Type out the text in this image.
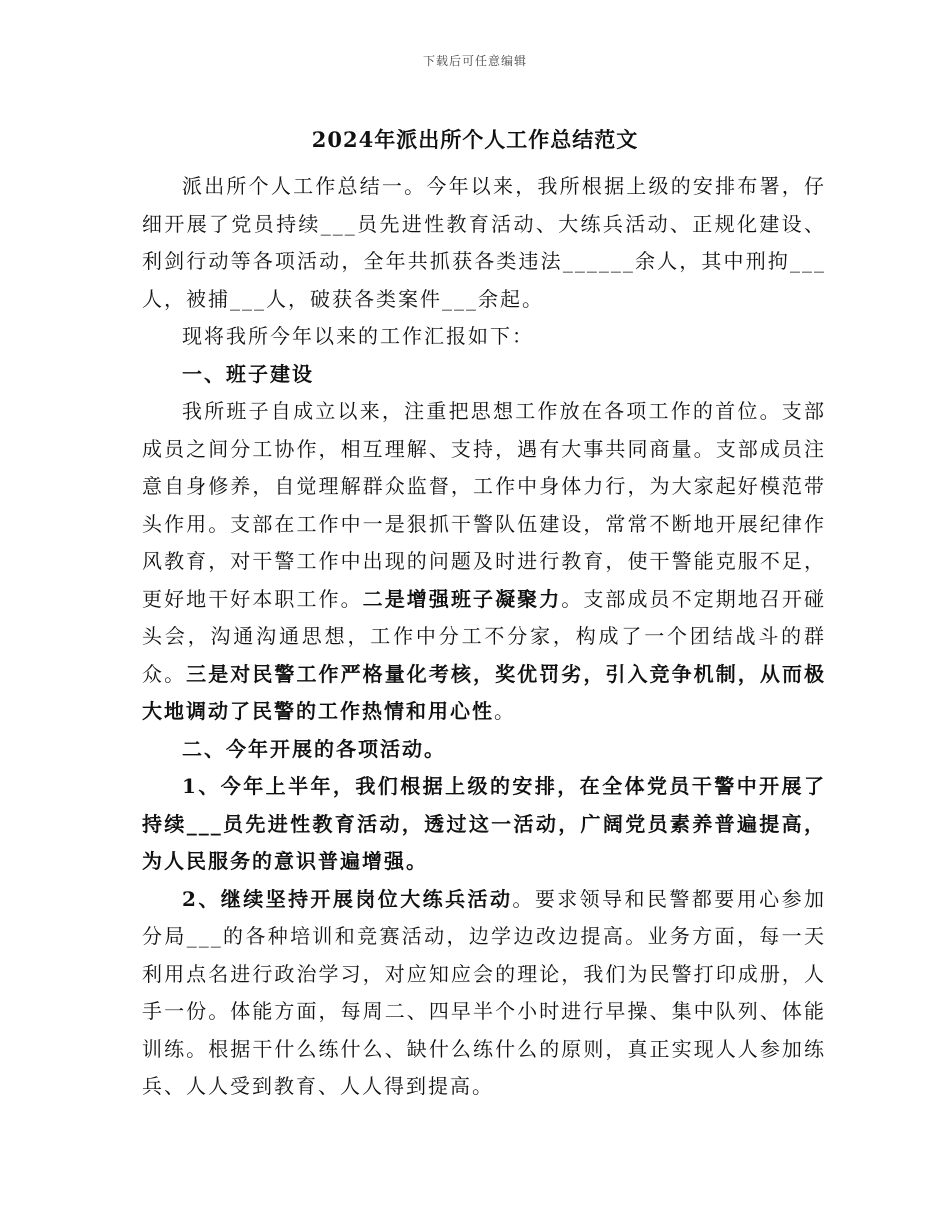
下载后可任意编辑
2024年派出所个人工作总结范文

派出所个人工作总结一。今年以来，我所根据上级的安排布署，仔细开展了党员持续___员先进性教育活动、大练兵活动、正规化建设、利剑行动等各项活动，全年共抓获各类违法______余人，其中刑拘___人，被捕___人，破获各类案件___余起。

现将我所今年以来的工作汇报如下：

一、班子建设

我所班子自成立以来，注重把思想工作放在各项工作的首位。支部成员之间分工协作，相互理解、支持，遇有大事共同商量。支部成员注意自身修养，自觉理解群众监督，工作中身体力行，为大家起好模范带头作用。支部在工作中一是狠抓干警队伍建设，常常不断地开展纪律作风教育，对干警工作中出现的问题及时进行教育，使干警能克服不足，更好地干好本职工作。二是增强班子凝聚力。支部成员不定期地召开碰头会，沟通沟通思想，工作中分工不分家，构成了一个团结战斗的群众。三是对民警工作严格量化考核，奖优罚劣，引入竞争机制，从而极大地调动了民警的工作热情和用心性。

二、今年开展的各项活动。

1、今年上半年，我们根据上级的安排，在全体党员干警中开展了持续___员先进性教育活动，透过这一活动，广阔党员素养普遍提高，为人民服务的意识普遍增强。

2、继续坚持开展岗位大练兵活动。要求领导和民警都要用心参加分局___的各种培训和竞赛活动，边学边改边提高。业务方面，每一天利用点名进行政治学习，对应知应会的理论，我们为民警打印成册，人手一份。体能方面，每周二、四早半个小时进行早操、集中队列、体能训练。根据干什么练什么、缺什么练什么的原则，真正实现人人参加练兵、人人受到教育、人人得到提高。
